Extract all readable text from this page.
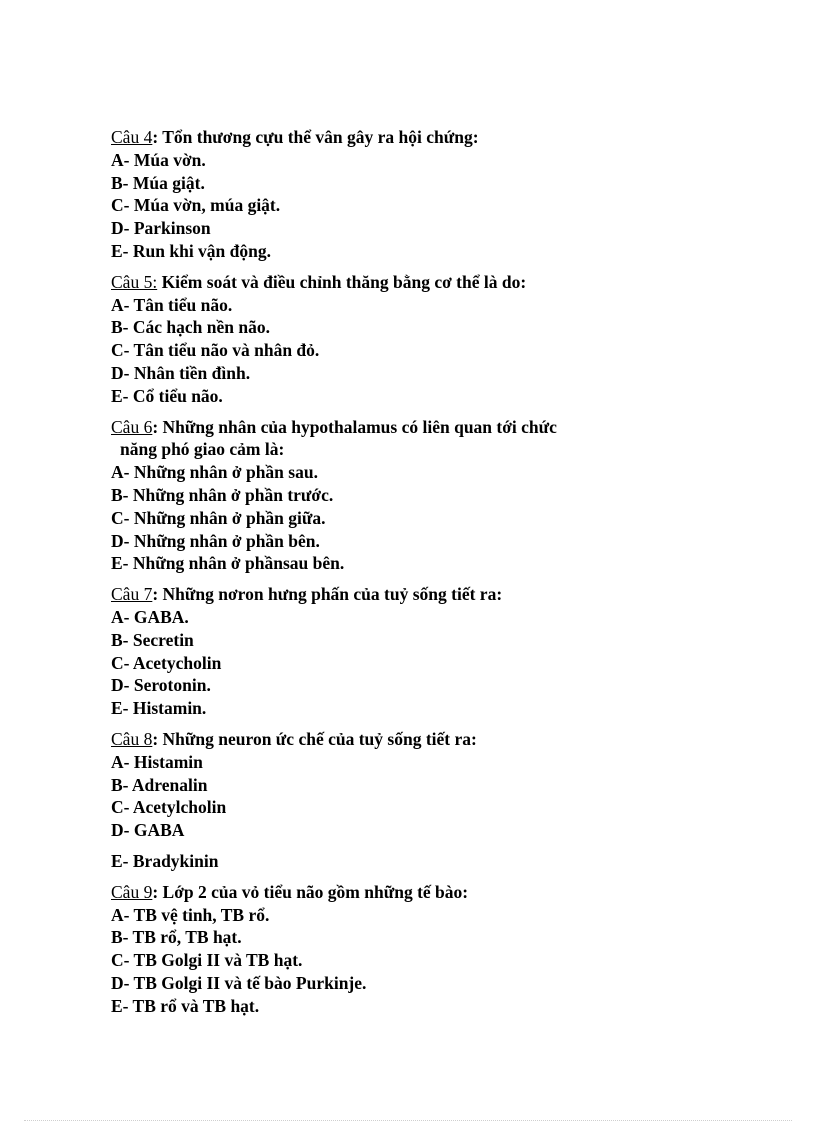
Câu 4: Tổn thương cựu thể vân gây ra hội chứng:
A- Múa vờn.
B- Múa giật.
C- Múa vờn, múa giật.
D- Parkinson
E- Run khi vận động.
Câu 5: Kiểm soát và điều chỉnh thăng bằng cơ thể là do:
A- Tân tiểu não.
B- Các hạch nền não.
C- Tân tiểu não và nhân đỏ.
D- Nhân tiền đình.
E- Cổ tiểu não.
Câu 6: Những nhân của hypothalamus có liên quan tới chức
năng phó giao cảm là:
A- Những nhân ở phần sau.
B- Những nhân ở phần trước.
C- Những nhân ở phần giữa.
D- Những nhân ở phần bên.
E- Những nhân ở phầnsau bên.
Câu 7: Những nơron hưng phấn của tuỷ sống tiết ra:
A- GABA.
B- Secretin
C- Acetycholin
D- Serotonin.
E- Histamin.
Câu 8: Những neuron ức chế của tuỷ sống tiết ra:
A- Histamin
B- Adrenalin
C- Acetylcholin
D- GABA
E- Bradykinin
Câu 9: Lớp 2 của vỏ tiểu não gồm những tế bào:
A- TB vệ tinh, TB rổ.
B- TB rổ, TB hạt.
C- TB Golgi II và TB hạt.
D- TB Golgi II và tế bào Purkinje.
E- TB rổ và TB hạt.
